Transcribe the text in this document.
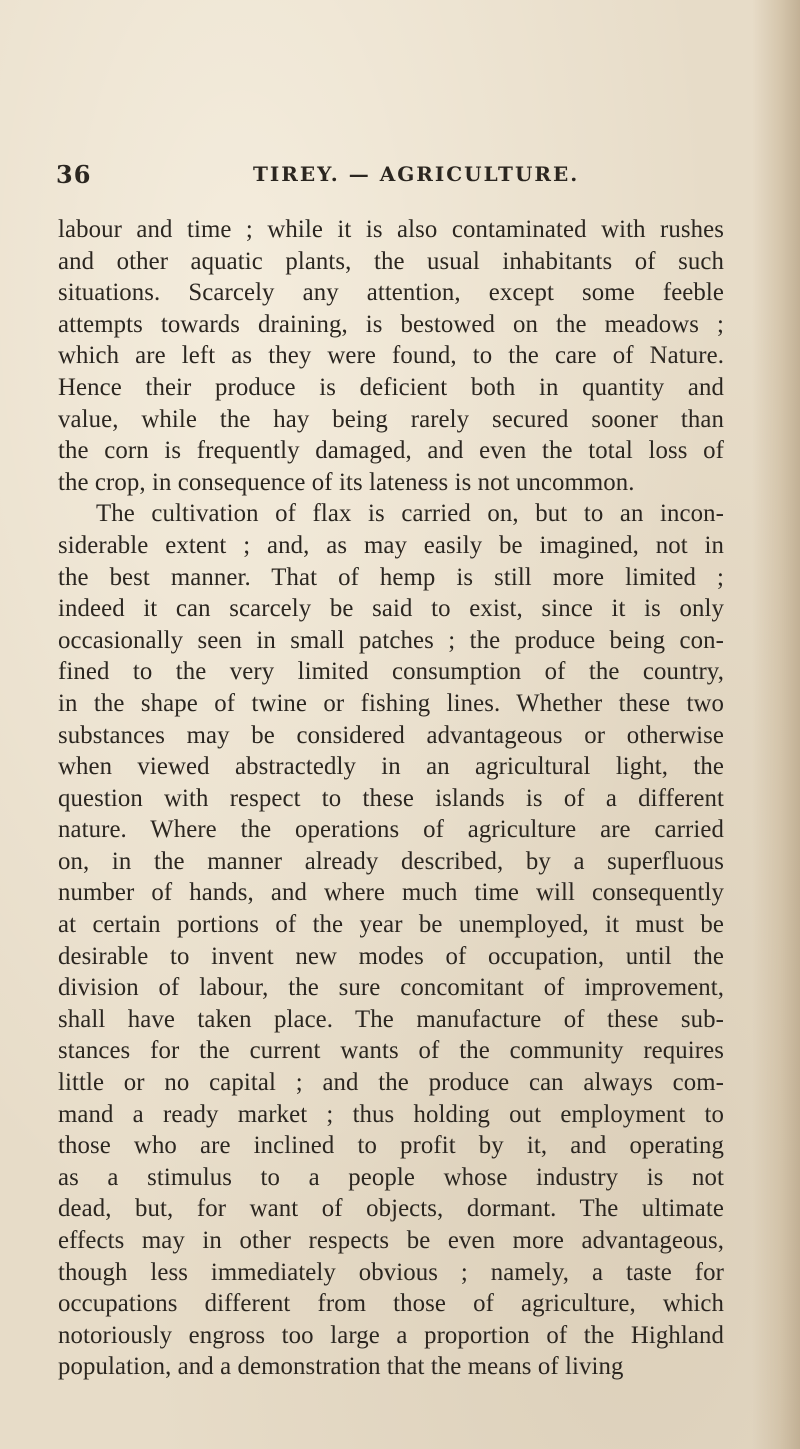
36	TIREY. — AGRICULTURE.
labour and time ; while it is also contaminated with rushes
and other aquatic plants, the usual inhabitants of such
situations. Scarcely any attention, except some feeble
attempts towards draining, is bestowed on the meadows ;
which are left as they were found, to the care of Nature.
Hence their produce is deficient both in quantity and
value, while the hay being rarely secured sooner than
the corn is frequently damaged, and even the total loss of
the crop, in consequence of its lateness is not uncommon.
The cultivation of flax is carried on, but to an incon-
siderable extent ; and, as may easily be imagined, not in
the best manner. That of hemp is still more limited ;
indeed it can scarcely be said to exist, since it is only
occasionally seen in small patches ; the produce being con-
fined to the very limited consumption of the country,
in the shape of twine or fishing lines. Whether these two
substances may be considered advantageous or otherwise
when viewed abstractedly in an agricultural light, the
question with respect to these islands is of a different
nature. Where the operations of agriculture are carried
on, in the manner already described, by a superfluous
number of hands, and where much time will consequently
at certain portions of the year be unemployed, it must be
desirable to invent new modes of occupation, until the
division of labour, the sure concomitant of improvement,
shall have taken place. The manufacture of these sub-
stances for the current wants of the community requires
little or no capital ; and the produce can always com-
mand a ready market ; thus holding out employment to
those who are inclined to profit by it, and operating
as a stimulus to a people whose industry is not
dead, but, for want of objects, dormant. The ultimate
effects may in other respects be even more advantageous,
though less immediately obvious ; namely, a taste for
occupations different from those of agriculture, which
notoriously engross too large a proportion of the Highland
population, and a demonstration that the means of living
